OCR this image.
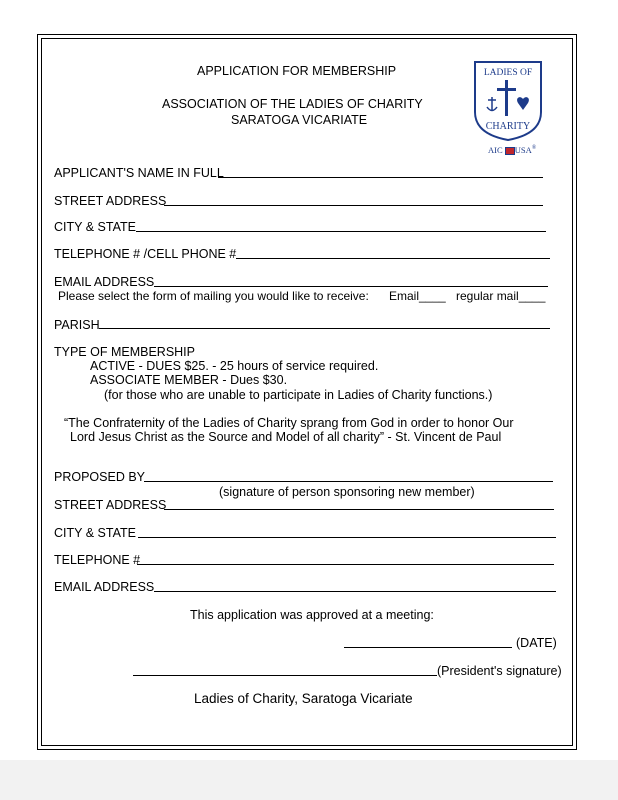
APPLICATION FOR MEMBERSHIP
ASSOCIATION OF THE LADIES OF CHARITY
SARATOGA VICARIATE
LADIES OF
CHARITY
AIC USA®
APPLICANT'S NAME IN FULL
STREET ADDRESS
CITY & STATE
TELEPHONE # /CELL PHONE #
EMAIL ADDRESS
Please select the form of mailing you would like to receive: Email____ regular mail____
PARISH
TYPE OF MEMBERSHIP
ACTIVE - DUES $25. - 25 hours of service required.
ASSOCIATE MEMBER - Dues $30.
(for those who are unable to participate in Ladies of Charity functions.)
“The Confraternity of the Ladies of Charity sprang from God in order to honor Our
Lord Jesus Christ as the Source and Model of all charity” - St. Vincent de Paul
PROPOSED BY
(signature of person sponsoring new member)
STREET ADDRESS
CITY & STATE
TELEPHONE #
EMAIL ADDRESS
This application was approved at a meeting:
(DATE)
(President's signature)
Ladies of Charity, Saratoga Vicariate
